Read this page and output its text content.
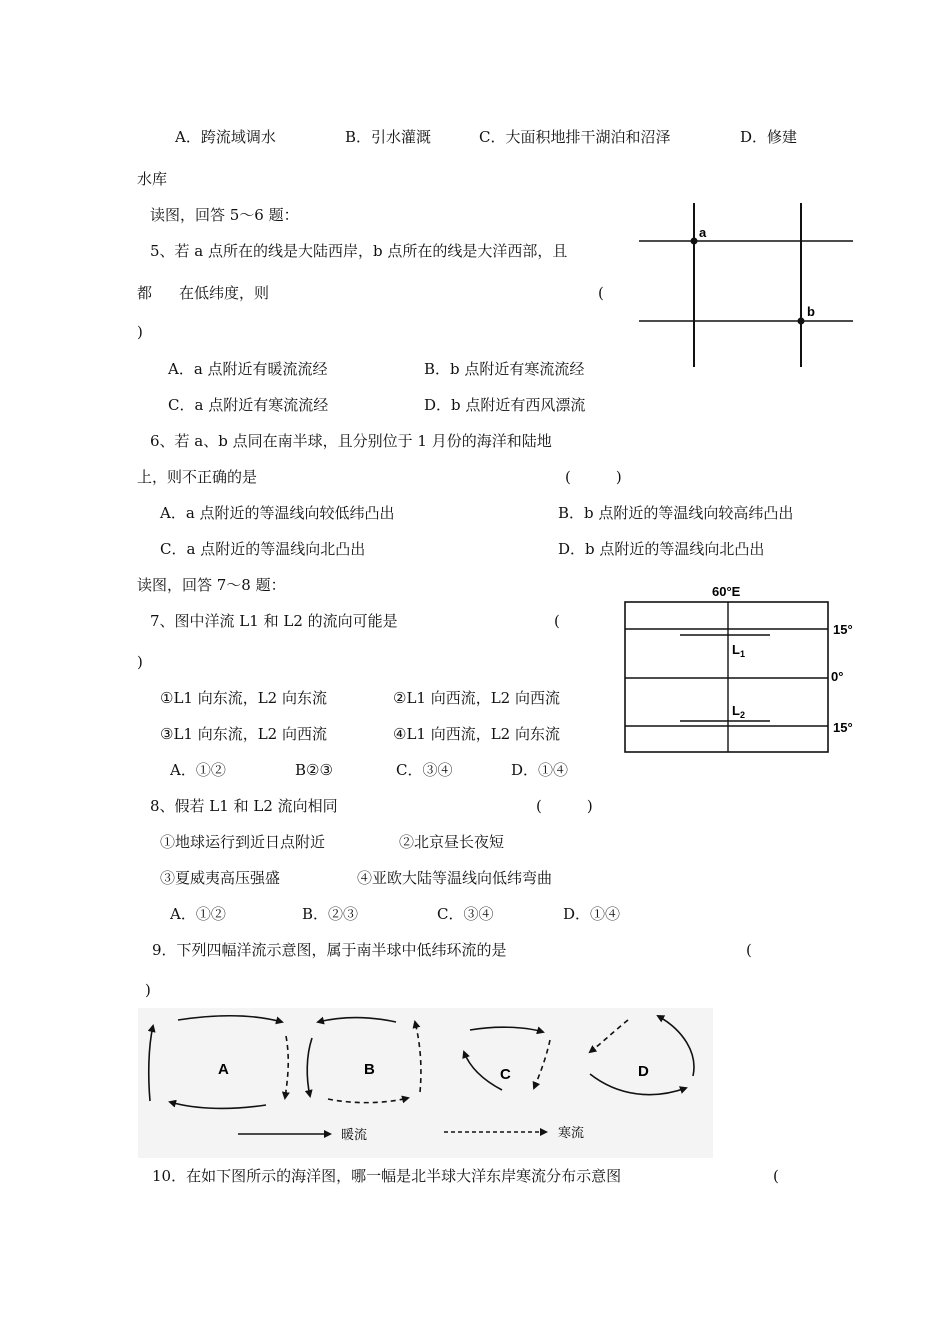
A．跨流域调水	B．引水灌溉	C．大面积地排干湖泊和沼泽	D．修建
水库
读图，回答 5～6 题：
5、若 a 点所在的线是大陆西岸，b 点所在的线是大洋西部，且
都 在低纬度，则	(
)
A．a 点附近有暖流流经	B．b 点附近有寒流流经
C．a 点附近有寒流流经	D．b 点附近有西风漂流
a
b
6、若 a、b 点同在南半球，且分别位于 1 月份的海洋和陆地
上，则不正确的是	(　　　)
A．a 点附近的等温线向较低纬凸出	B．b 点附近的等温线向较高纬凸出
C．a 点附近的等温线向北凸出	D．b 点附近的等温线向北凸出
读图，回答 7～8 题：
7、图中洋流 L1 和 L2 的流向可能是	(
)
①L1 向东流，L2 向东流	②L1 向西流，L2 向西流
③L1 向东流，L2 向西流	④L1 向西流，L2 向东流
A．①②	B②③	C．③④	D．①④
60°E
$L_1$
$L_2$
15°
0°
15°
8、假若 L1 和 L2 流向相同	(　　　)
①地球运行到近日点附近	②北京昼长夜短
③夏威夷高压强盛	④亚欧大陆等温线向低纬弯曲
A．①②	B．②③	C．③④	D．①④
9．下列四幅洋流示意图，属于南半球中低纬环流的是	(
)
A	B	C	D
暖流	寒流
10．在如下图所示的海洋图，哪一幅是北半球大洋东岸寒流分布示意图	(
